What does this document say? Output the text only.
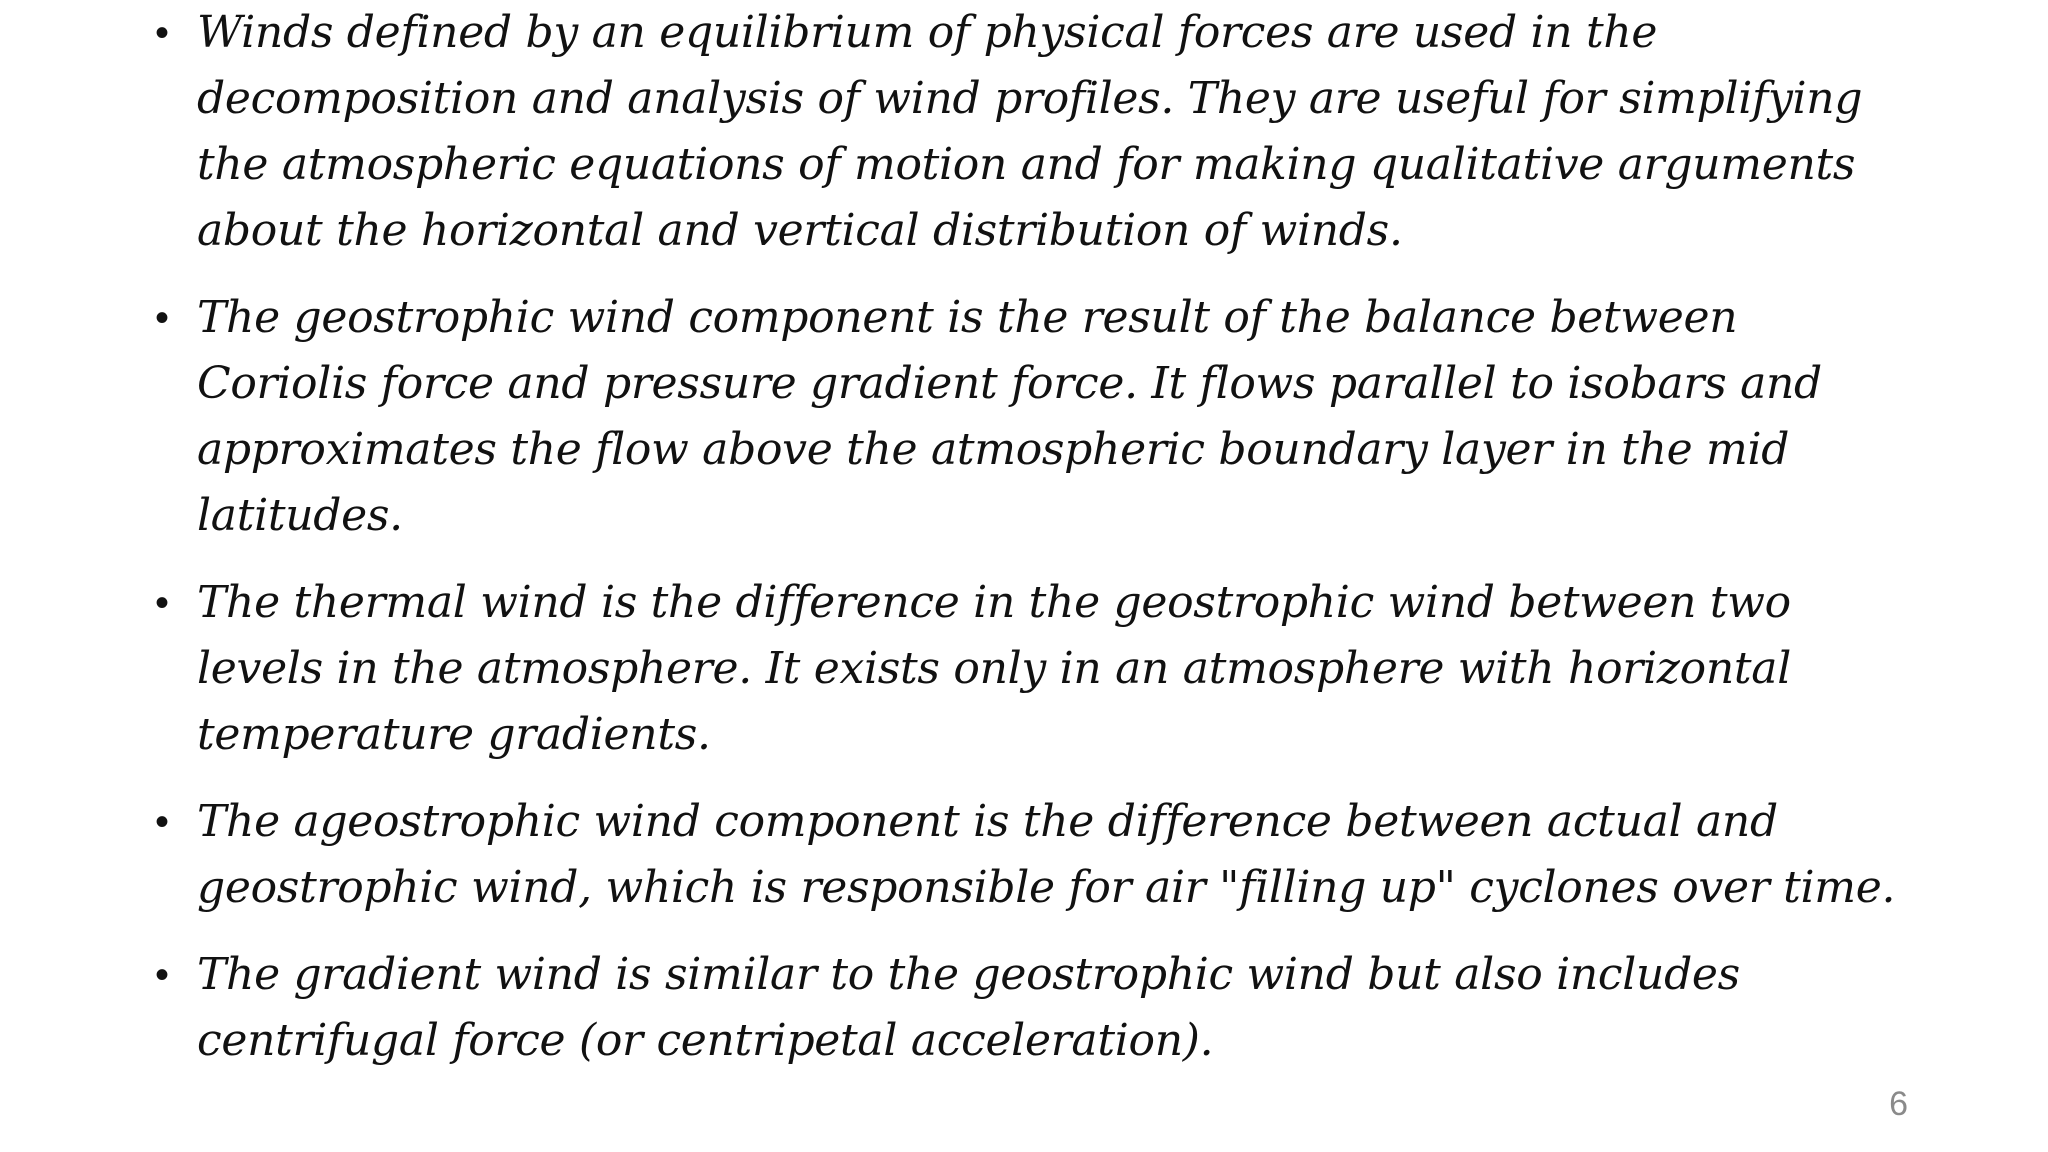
• Winds defined by an equilibrium of physical forces are used in the decomposition and analysis of wind profiles. They are useful for simplifying the atmospheric equations of motion and for making qualitative arguments about the horizontal and vertical distribution of winds.
• The geostrophic wind component is the result of the balance between Coriolis force and pressure gradient force. It flows parallel to isobars and approximates the flow above the atmospheric boundary layer in the mid latitudes.
• The thermal wind is the difference in the geostrophic wind between two levels in the atmosphere. It exists only in an atmosphere with horizontal temperature gradients.
• The ageostrophic wind component is the difference between actual and geostrophic wind, which is responsible for air "filling up" cyclones over time.
• The gradient wind is similar to the geostrophic wind but also includes centrifugal force (or centripetal acceleration).
6
